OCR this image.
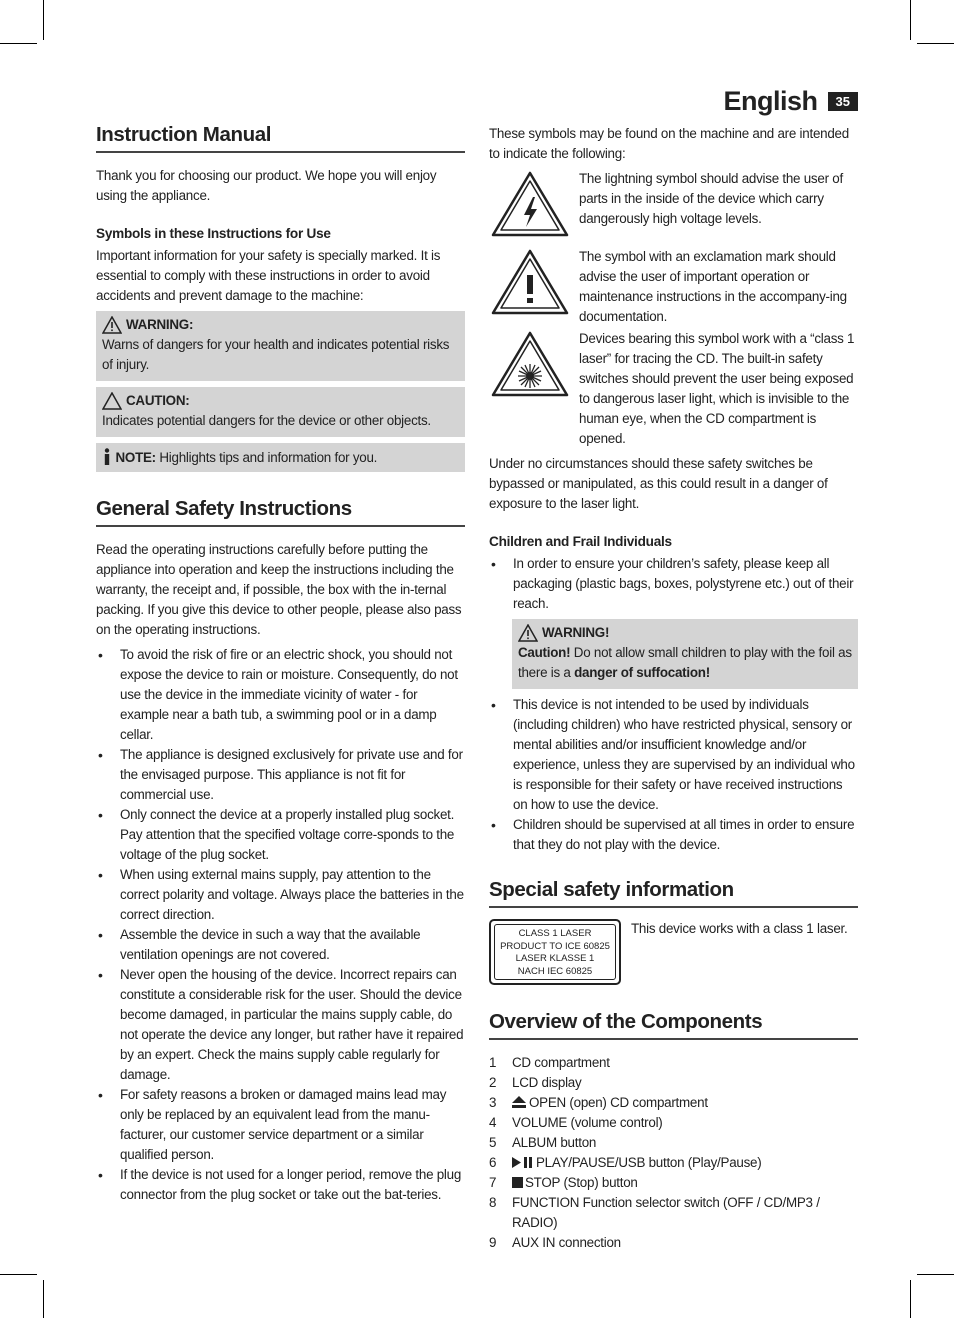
English	35
Instruction Manual

Thank you for choosing our product. We hope you will enjoy using the appliance.

Symbols in these Instructions for Use

Important information for your safety is specially marked. It is essential to comply with these instructions in order to avoid accidents and prevent damage to the machine:

WARNING:

Warns of dangers for your health and indicates potential risks of injury.

CAUTION:

Indicates potential dangers for the device or other objects.

NOTE: Highlights tips and information for you.
General Safety Instructions

Read the operating instructions carefully before putting the appliance into operation and keep the instructions including the warranty, the receipt and, if possible, the box with the in-ternal packing. If you give this device to other people, please also pass on the operating instructions.

• To avoid the risk of fire or an electric shock, you should not expose the device to rain or moisture. Consequently, do not use the device in the immediate vicinity of water - for example near a bath tub, a swimming pool or in a damp cellar.
• The appliance is designed exclusively for private use and for the envisaged purpose. This appliance is not fit for commercial use.
• Only connect the device at a properly installed plug socket. Pay attention that the specified voltage corre-sponds to the voltage of the plug socket.
• When using external mains supply, pay attention to the correct polarity and voltage. Always place the batteries in the correct direction.
• Assemble the device in such a way that the available ventilation openings are not covered.
• Never open the housing of the device. Incorrect repairs can constitute a considerable risk for the user. Should the device become damaged, in particular the mains supply cable, do not operate the device any longer, but rather have it repaired by an expert. Check the mains supply cable regularly for damage.
• For safety reasons a broken or damaged mains lead may only be replaced by an equivalent lead from the manu-facturer, our customer service department or a similar qualified person.
• If the device is not used for a longer period, remove the plug connector from the plug socket or take out the bat-teries.

These symbols may be found on the machine and are intended to indicate the following:

The lightning symbol should advise the user of parts in the inside of the device which carry dangerously high voltage levels.

The symbol with an exclamation mark should advise the user of important operation or maintenance instructions in the accompany-ing documentation.

Devices bearing this symbol work with a “class 1 laser” for tracing the CD. The built-in safety switches should prevent the user being exposed to dangerous laser light, which is invisible to the human eye, when the CD compartment is opened.

Under no circumstances should these safety switches be bypassed or manipulated, as this could result in a danger of exposure to the laser light.

Children and Frail Individuals
• In order to ensure your children’s safety, please keep all packaging (plastic bags, boxes, polystyrene etc.) out of their reach.
WARNING!

Caution! Do not allow small children to play with the foil as there is a danger of suffocation!

• This device is not intended to be used by individuals (including children) who have restricted physical, sensory or mental abilities and/or insufficient knowledge and/or experience, unless they are supervised by an individual who is responsible for their safety or have received instructions on how to use the device.
• Children should be supervised at all times in order to ensure that they do not play with the device.
Special safety information
CLASS 1 LASER
PRODUCT TO ICE 60825
LASER KLASSE 1
NACH IEC 60825

This device works with a class 1 laser.

Overview of the Components
1	CD compartment
2	LCD display
3	OPEN (open) CD compartment
4	VOLUME (volume control)
5	ALBUM button
6	PLAY/PAUSE/USB button (Play/Pause)
7	STOP (Stop) button
8	FUNCTION Function selector switch (OFF / CD/MP3 / RADIO)
9	AUX IN connection
